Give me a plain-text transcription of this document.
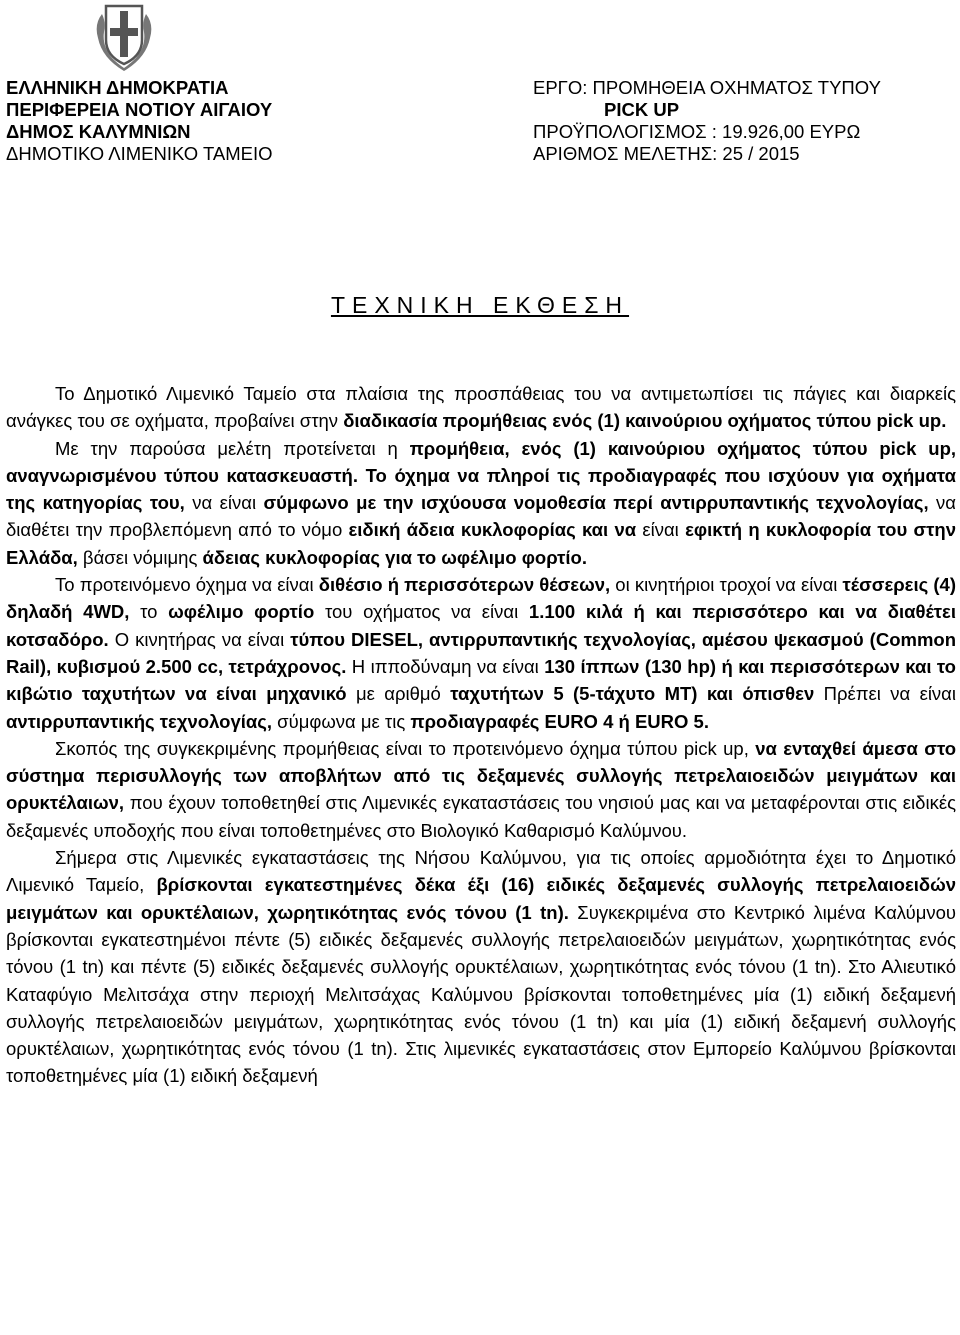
ΕΛΛΗΝΙΚΗ ΔΗΜΟΚΡΑΤΙΑ
ΠΕΡΙΦΕΡΕΙΑ ΝΟΤΙΟΥ ΑΙΓΑΙΟΥ
ΔΗΜΟΣ ΚΑΛΥΜΝΙΩΝ
ΔΗΜΟΤΙΚΟ ΛΙΜΕΝΙΚΟ ΤΑΜΕΙΟ
ΕΡΓΟ: ΠΡΟΜΗΘΕΙΑ ΟΧΗΜΑΤΟΣ ΤΥΠΟΥ
PICK UP
ΠΡΟΫΠΟΛΟΓΙΣΜΟΣ : 19.926,00 ΕΥΡΩ
ΑΡΙΘΜΟΣ ΜΕΛΕΤΗΣ: 25 / 2015
ΤΕΧΝΙΚΗ ΕΚΘΕΣΗ

Το Δημοτικό Λιμενικό Ταμείο στα πλαίσια της προσπάθειας του να αντιμετωπίσει τις πάγιες και διαρκείς ανάγκες του σε οχήματα, προβαίνει στην διαδικασία προμήθειας ενός (1) καινούριου οχήματος τύπου pick up.

Με την παρούσα μελέτη προτείνεται η προμήθεια, ενός (1) καινούριου οχήματος τύπου pick up, αναγνωρισμένου τύπου κατασκευαστή. Το όχημα να πληροί τις προδιαγραφές που ισχύουν για οχήματα της κατηγορίας του, να είναι σύμφωνο με την ισχύουσα νομοθεσία περί αντιρρυπαντικής τεχνολογίας, να διαθέτει την προβλεπόμενη από το νόμο ειδική άδεια κυκλοφορίας και να είναι εφικτή η κυκλοφορία του στην Ελλάδα, βάσει νόμιμης άδειας κυκλοφορίας για το ωφέλιμο φορτίο.

Το προτεινόμενο όχημα να είναι διθέσιο ή περισσότερων θέσεων, οι κινητήριοι τροχοί να είναι τέσσερεις (4) δηλαδή 4WD, το ωφέλιμο φορτίο του οχήματος να είναι 1.100 κιλά ή και περισσότερο και να διαθέτει κοτσαδόρο. Ο κινητήρας να είναι τύπου DIESEL, αντιρρυπαντικής τεχνολογίας, αμέσου ψεκασμού (Common Rail), κυβισμού 2.500 cc, τετράχρονος. Η ιπποδύναμη να είναι 130 ίππων (130 hp) ή και περισσότερων και το κιβώτιο ταχυτήτων να είναι μηχανικό με αριθμό ταχυτήτων 5 (5-τάχυτο MT) και όπισθεν Πρέπει να είναι αντιρρυπαντικής τεχνολογίας, σύμφωνα με τις προδιαγραφές EURO 4 ή EURO 5.

Σκοπός της συγκεκριμένης προμήθειας είναι το προτεινόμενο όχημα τύπου pick up, να ενταχθεί άμεσα στο σύστημα περισυλλογής των αποβλήτων από τις δεξαμενές συλλογής πετρελαιοειδών μειγμάτων και ορυκτέλαιων, που έχουν τοποθετηθεί στις Λιμενικές εγκαταστάσεις του νησιού μας και να μεταφέρονται στις ειδικές δεξαμενές υποδοχής που είναι τοποθετημένες στο Βιολογικό Καθαρισμό Καλύμνου.

Σήμερα στις Λιμενικές εγκαταστάσεις της Νήσου Καλύμνου, για τις οποίες αρμοδιότητα έχει το Δημοτικό Λιμενικό Ταμείο, βρίσκονται εγκατεστημένες δέκα έξι (16) ειδικές δεξαμενές συλλογής πετρελαιοειδών μειγμάτων και ορυκτέλαιων, χωρητικότητας ενός τόνου (1 tn). Συγκεκριμένα στο Κεντρικό λιμένα Καλύμνου βρίσκονται εγκατεστημένοι πέντε (5) ειδικές δεξαμενές συλλογής πετρελαιοειδών μειγμάτων, χωρητικότητας ενός τόνου (1 tn) και πέντε (5) ειδικές δεξαμενές συλλογής ορυκτέλαιων, χωρητικότητας ενός τόνου (1 tn). Στο Αλιευτικό Καταφύγιο Μελιτσάχα στην περιοχή Μελιτσάχας Καλύμνου βρίσκονται τοποθετημένες μία (1) ειδική δεξαμενή συλλογής πετρελαιοειδών μειγμάτων, χωρητικότητας ενός τόνου (1 tn) και μία (1) ειδική δεξαμενή συλλογής ορυκτέλαιων, χωρητικότητας ενός τόνου (1 tn). Στις λιμενικές εγκαταστάσεις στον Εμπορείο Καλύμνου βρίσκονται τοποθετημένες μία (1) ειδική δεξαμενή
